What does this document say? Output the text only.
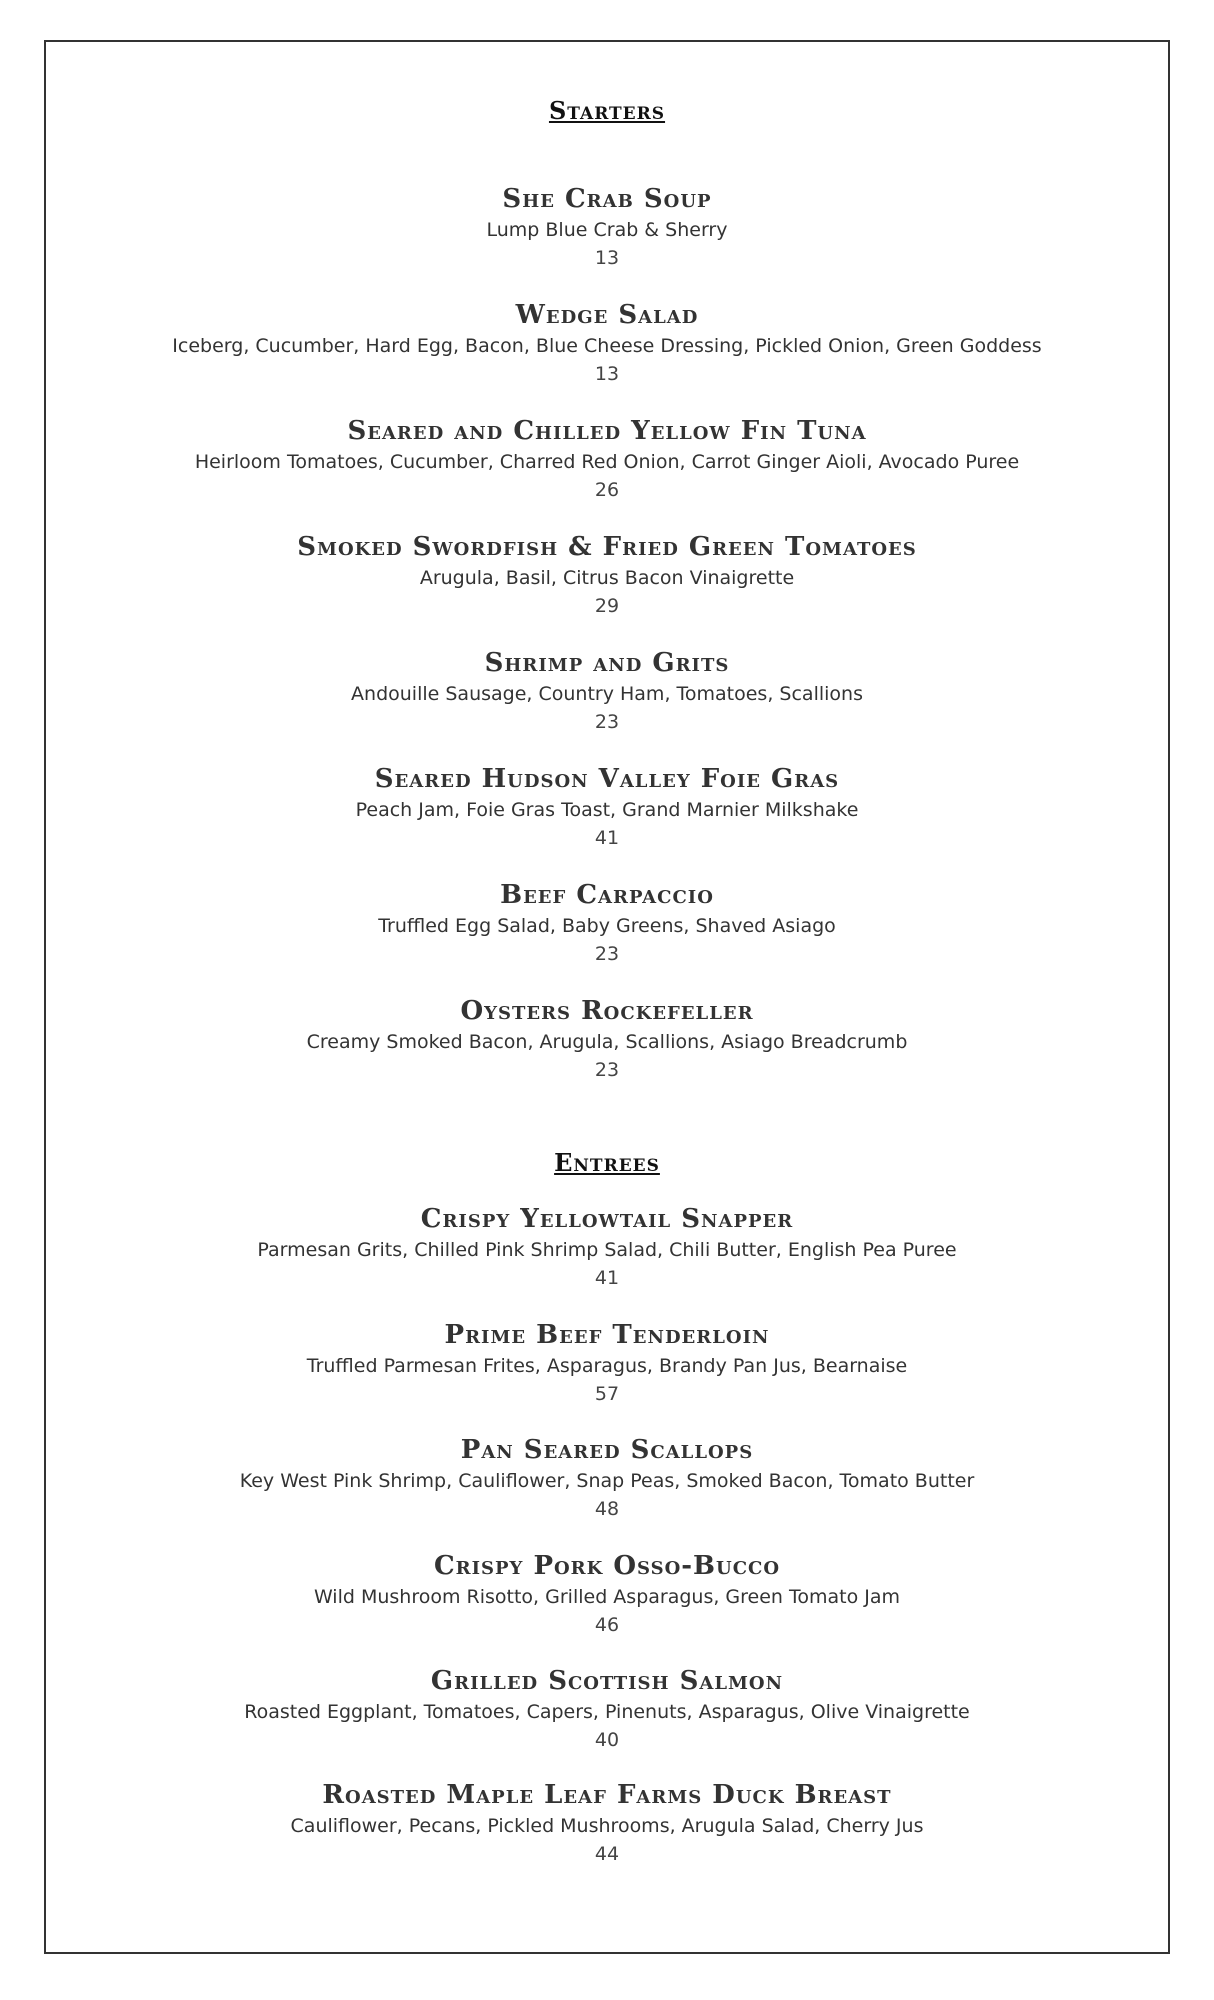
Starters

She Crab Soup

Lump Blue Crab & Sherry

13

Wedge Salad

Iceberg, Cucumber, Hard Egg, Bacon, Blue Cheese Dressing, Pickled Onion, Green Goddess

13

Seared and Chilled Yellow Fin Tuna

Heirloom Tomatoes, Cucumber, Charred Red Onion, Carrot Ginger Aioli, Avocado Puree

26

Smoked Swordfish & Fried Green Tomatoes

Arugula, Basil, Citrus Bacon Vinaigrette

29

Shrimp and Grits

Andouille Sausage, Country Ham, Tomatoes, Scallions

23

Seared Hudson Valley Foie Gras

Peach Jam, Foie Gras Toast, Grand Marnier Milkshake

41

Beef Carpaccio

Truffled Egg Salad, Baby Greens, Shaved Asiago

23

Oysters Rockefeller

Creamy Smoked Bacon, Arugula, Scallions, Asiago Breadcrumb

23

Entrees

Crispy Yellowtail Snapper

Parmesan Grits, Chilled Pink Shrimp Salad, Chili Butter, English Pea Puree

41

Prime Beef Tenderloin

Truffled Parmesan Frites, Asparagus, Brandy Pan Jus, Bearnaise

57

Pan Seared Scallops

Key West Pink Shrimp, Cauliflower, Snap Peas, Smoked Bacon, Tomato Butter

48

Crispy Pork Osso-Bucco

Wild Mushroom Risotto, Grilled Asparagus, Green Tomato Jam

46

Grilled Scottish Salmon

Roasted Eggplant, Tomatoes, Capers, Pinenuts, Asparagus, Olive Vinaigrette

40

Roasted Maple Leaf Farms Duck Breast

Cauliflower, Pecans, Pickled Mushrooms, Arugula Salad, Cherry Jus

44
